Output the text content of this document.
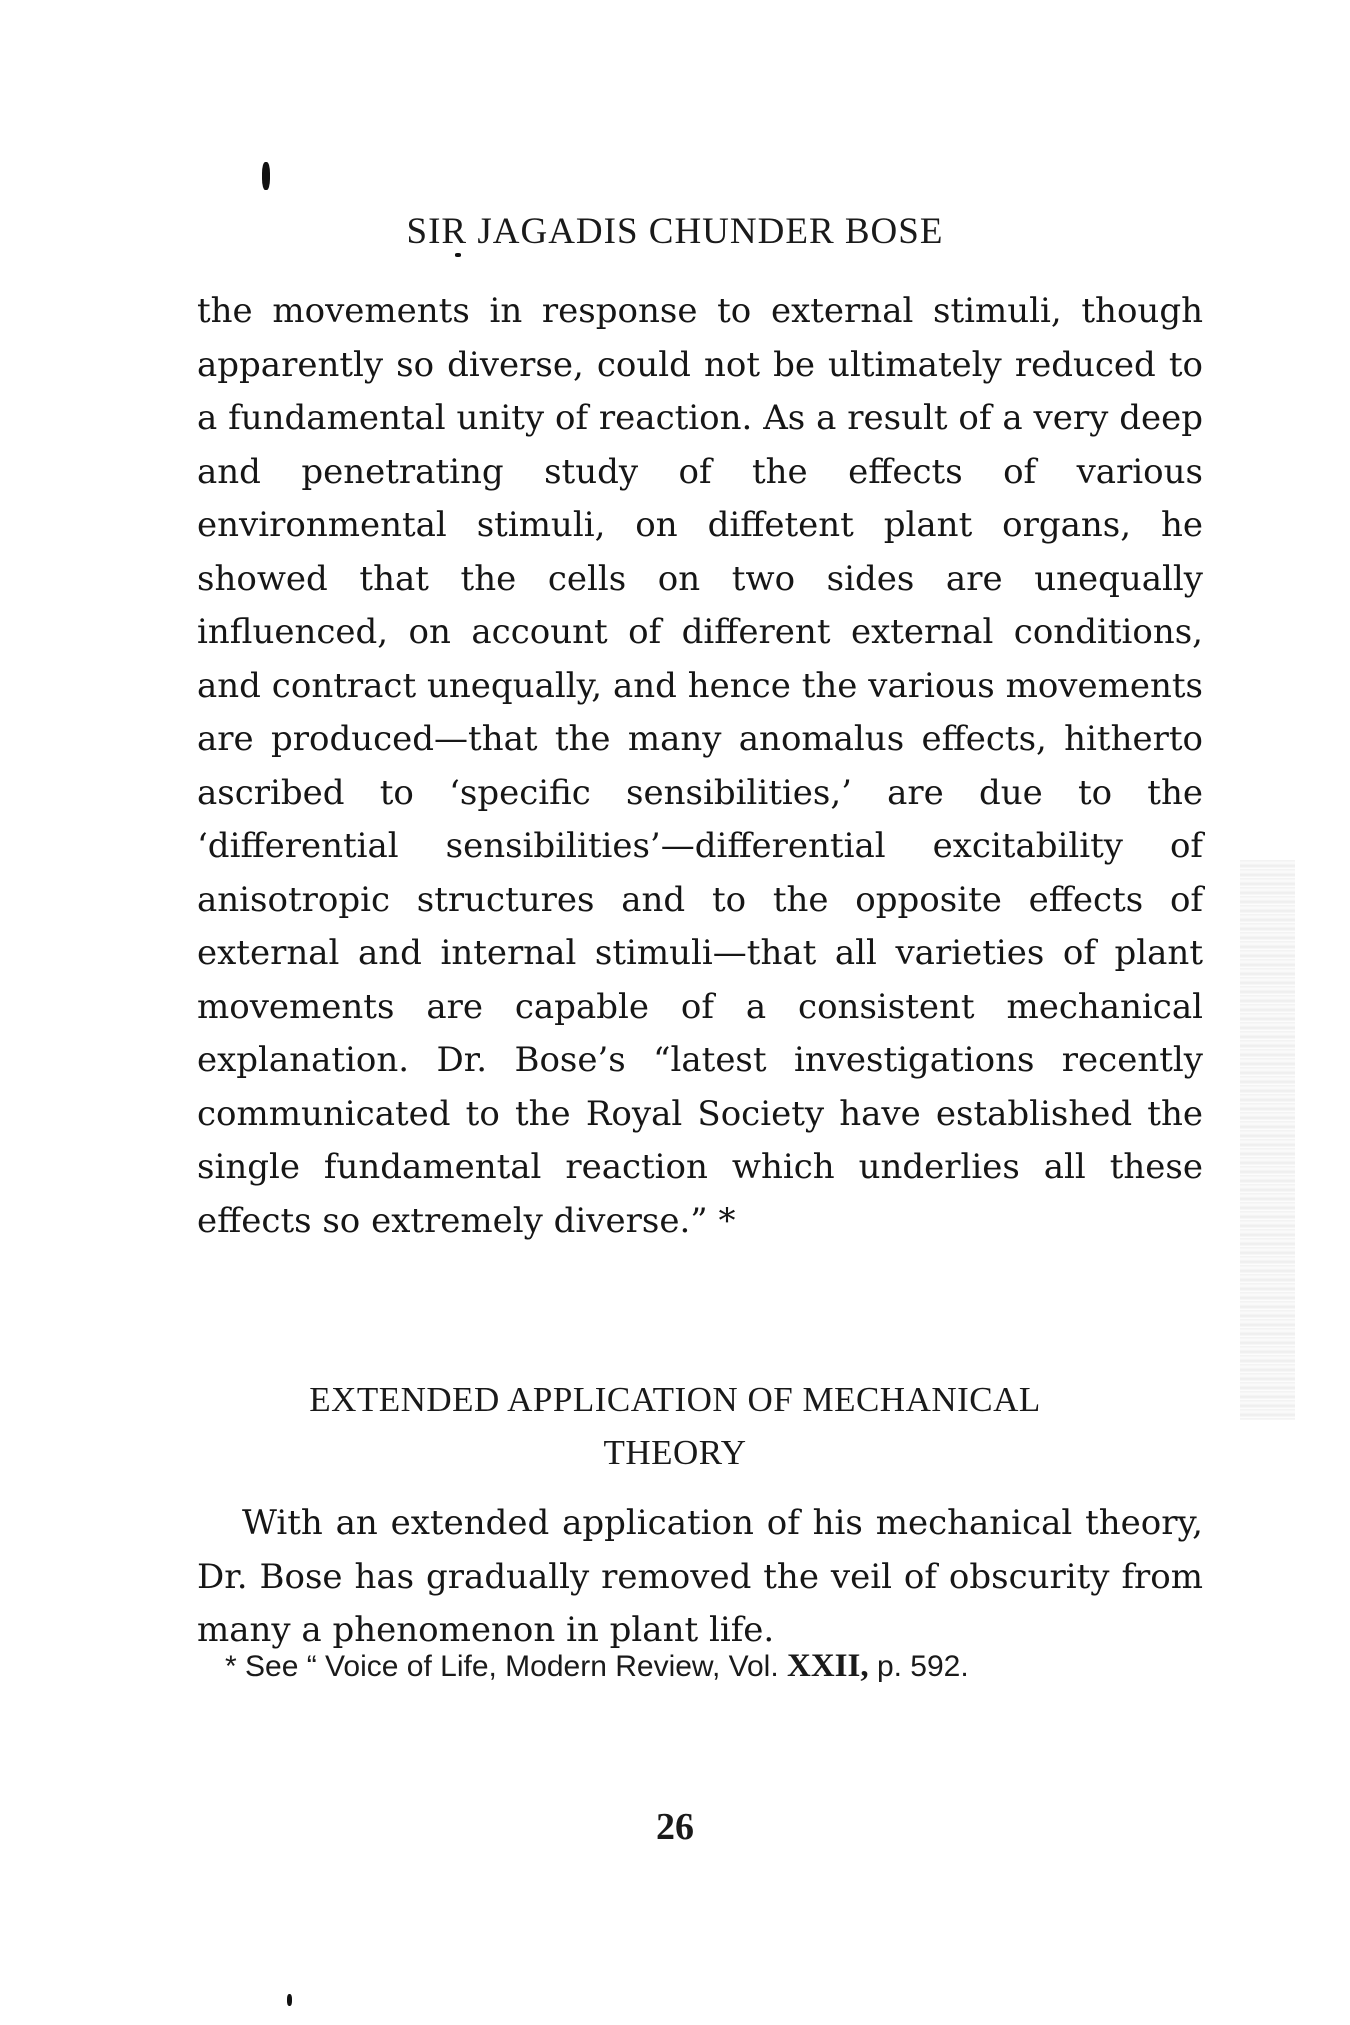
SIR JAGADIS CHUNDER BOSE

the movements in response to external stimuli, though apparently so diverse, could not be ultimately reduced to a fundamental unity of reaction. As a result of a very deep and penetrating study of the effects of various environmental stimuli, on diffetent plant organs, he showed that the cells on two sides are unequally influenced, on account of different external conditions, and contract unequally, and hence the various movements are produced—that the many anomalus effects, hitherto ascribed to ‘specific sensibilities,’ are due to the ‘differential sensibilities’—differential excitability of anisotropic structures and to the opposite effects of external and internal stimuli—that all varieties of plant movements are capable of a consistent mechanical explanation. Dr. Bose’s “latest investigations recently communicated to the Royal Society have established the single fundamental reaction which underlies all these effects so extremely diverse.” *

EXTENDED APPLICATION OF MECHANICAL
THEORY

With an extended application of his mechanical theory, Dr. Bose has gradually removed the veil of obscurity from many a phenomenon in plant life.

* See “ Voice of Life, Modern Review, Vol. XXII, p. 592.
26
